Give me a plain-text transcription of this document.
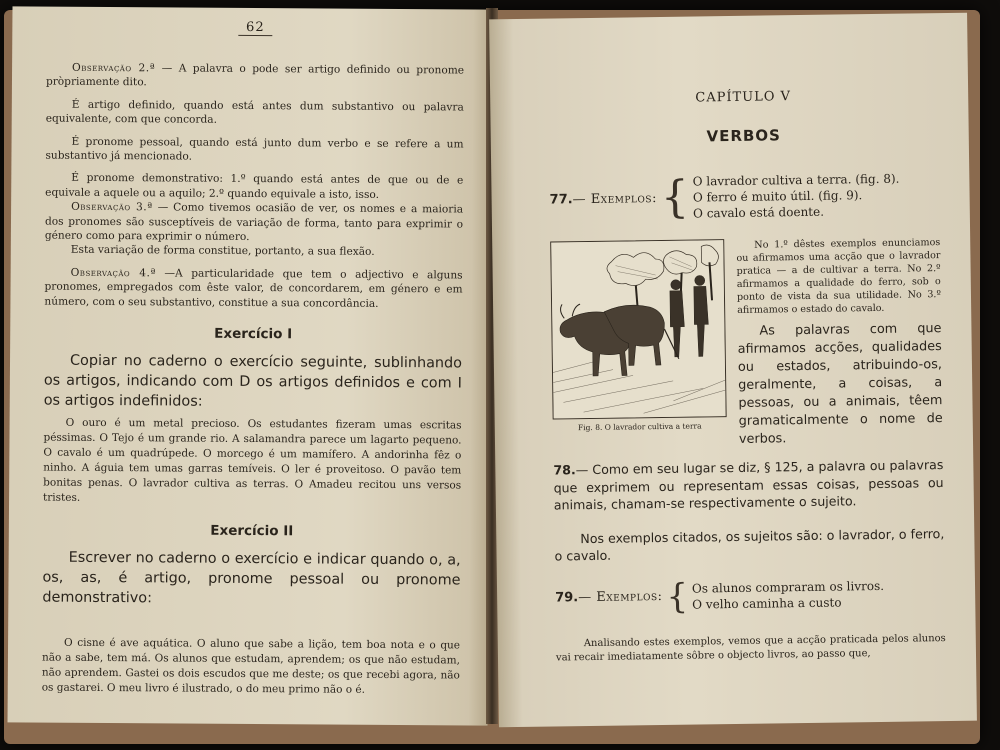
62

Observação 2.ª — A palavra o pode ser artigo definido ou pronome pròpriamente dito.

É artigo definido, quando está antes dum substantivo ou palavra equivalente, com que concorda.

É pronome pessoal, quando está junto dum verbo e se refere a um substantivo já mencionado.

É pronome demonstrativo: 1.º quando está antes de que ou de e equivale a aquele ou a aquilo; 2.º quando equivale a isto, isso.

Observação 3.ª — Como tivemos ocasião de ver, os nomes e a maioria dos pronomes são susceptíveis de variação de forma, tanto para exprimir o género como para exprimir o número.

Esta variação de forma constitue, portanto, a sua flexão.

Observação 4.ª —A particularidade que tem o adjectivo e alguns pronomes, empregados com êste valor, de concordarem, em género e em número, com o seu substantivo, constitue a sua concordância.

Exercício I

Copiar no caderno o exercício seguinte, sublinhando os artigos, indicando com D os artigos definidos e com I os artigos indefinidos:

O ouro é um metal precioso. Os estudantes fizeram umas escritas péssimas. O Tejo é um grande rio. A salamandra parece um lagarto pequeno. O cavalo é um quadrúpede. O morcego é um mamífero. A andorinha fêz o ninho. A águia tem umas garras temíveis. O ler é proveitoso. O pavão tem bonitas penas. O lavrador cultiva as terras. O Amadeu recitou uns versos tristes.

Exercício II

Escrever no caderno o exercício e indicar quando o, a, os, as, é artigo, pronome pessoal ou pronome demonstrativo:

O cisne é ave aquática. O aluno que sabe a lição, tem boa nota e o que não a sabe, tem má. Os alunos que estudam, aprendem; os que não estudam, não aprendem. Gastei os dois escudos que me deste; os que recebi agora, não os gastarei. O meu livro é ilustrado, o do meu primo não o é.

CAPÍTULO V
VERBOS
77.— Exemplos: { O lavrador cultiva a terra. (fig. 8).
O ferro é muito útil. (fig. 9).
O cavalo está doente.
Fig. 8. O lavrador cultiva a terra

No 1.º dêstes exemplos enunciamos ou afirmamos uma acção que o lavrador pratica — a de cultivar a terra. No 2.º afirmamos a qualidade do ferro, sob o ponto de vista da sua utilidade. No 3.º afirmamos o estado do cavalo.

As palavras com que afirmamos acções, qualidades ou estados, atribuindo-os, geralmente, a coisas, a pessoas, ou a animais, têem gramaticalmente o nome de verbos.

78.— Como em seu lugar se diz, § 125, a palavra ou palavras que exprimem ou representam essas coisas, pessoas ou animais, chamam-se respectivamente o sujeito.

Nos exemplos citados, os sujeitos são: o lavrador, o ferro, o cavalo.

79.— Exemplos: { Os alunos compraram os livros.
O velho caminha a custo

Analisando estes exemplos, vemos que a acção praticada pelos alunos vai recair imediatamente sôbre o objecto livros, ao passo que,
